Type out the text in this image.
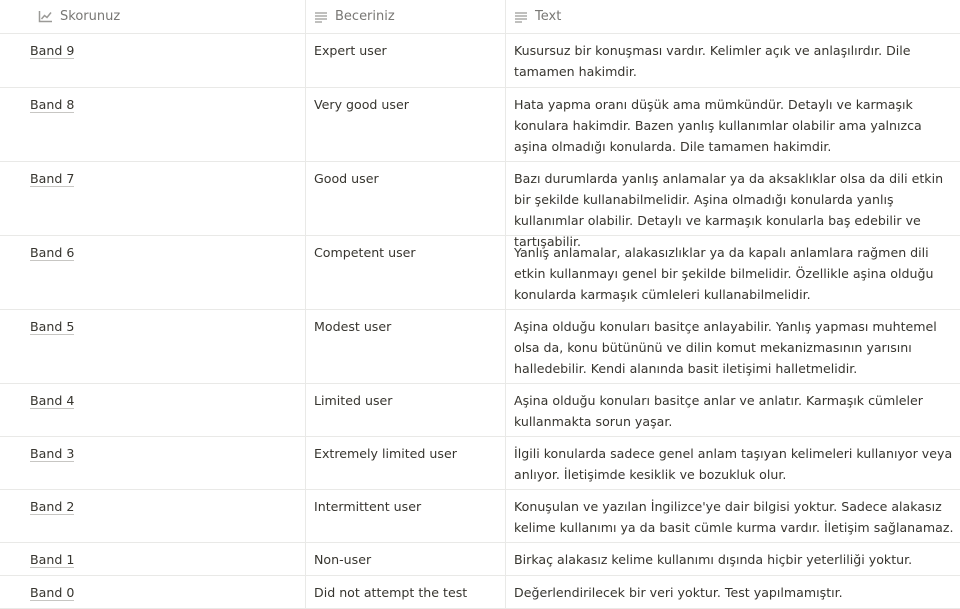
Skorunuz	Beceriniz	Text
Band 9	Expert user	Kusursuz bir konuşması vardır. Kelimler açık ve anlaşılırdır. Dile tamamen hakimdir.
Band 8	Very good user	Hata yapma oranı düşük ama mümkündür. Detaylı ve karmaşık konulara hakimdir. Bazen yanlış kullanımlar olabilir ama yalnızca aşina olmadığı konularda. Dile tamamen hakimdir.
Band 7	Good user	Bazı durumlarda yanlış anlamalar ya da aksaklıklar olsa da dili etkin bir şekilde kullanabilmelidir. Aşina olmadığı konularda yanlış kullanımlar olabilir. Detaylı ve karmaşık konularla baş edebilir ve tartışabilir.
Band 6	Competent user	Yanlış anlamalar, alakasızlıklar ya da kapalı anlamlara rağmen dili etkin kullanmayı genel bir şekilde bilmelidir. Özellikle aşina olduğu konularda karmaşık cümleleri kullanabilmelidir.
Band 5	Modest user	Aşina olduğu konuları basitçe anlayabilir. Yanlış yapması muhtemel olsa da, konu bütününü ve dilin komut mekanizmasının yarısını halledebilir. Kendi alanında basit iletişimi halletmelidir.
Band 4	Limited user	Aşina olduğu konuları basitçe anlar ve anlatır. Karmaşık cümleler kullanmakta sorun yaşar.
Band 3	Extremely limited user	İlgili konularda sadece genel anlam taşıyan kelimeleri kullanıyor veya anlıyor. İletişimde kesiklik ve bozukluk olur.
Band 2	Intermittent user	Konuşulan ve yazılan İngilizce'ye dair bilgisi yoktur. Sadece alakasız kelime kullanımı ya da basit cümle kurma vardır. İletişim sağlanamaz.
Band 1	Non-user	Birkaç alakasız kelime kullanımı dışında hiçbir yeterliliği yoktur.
Band 0	Did not attempt the test	Değerlendirilecek bir veri yoktur. Test yapılmamıştır.
